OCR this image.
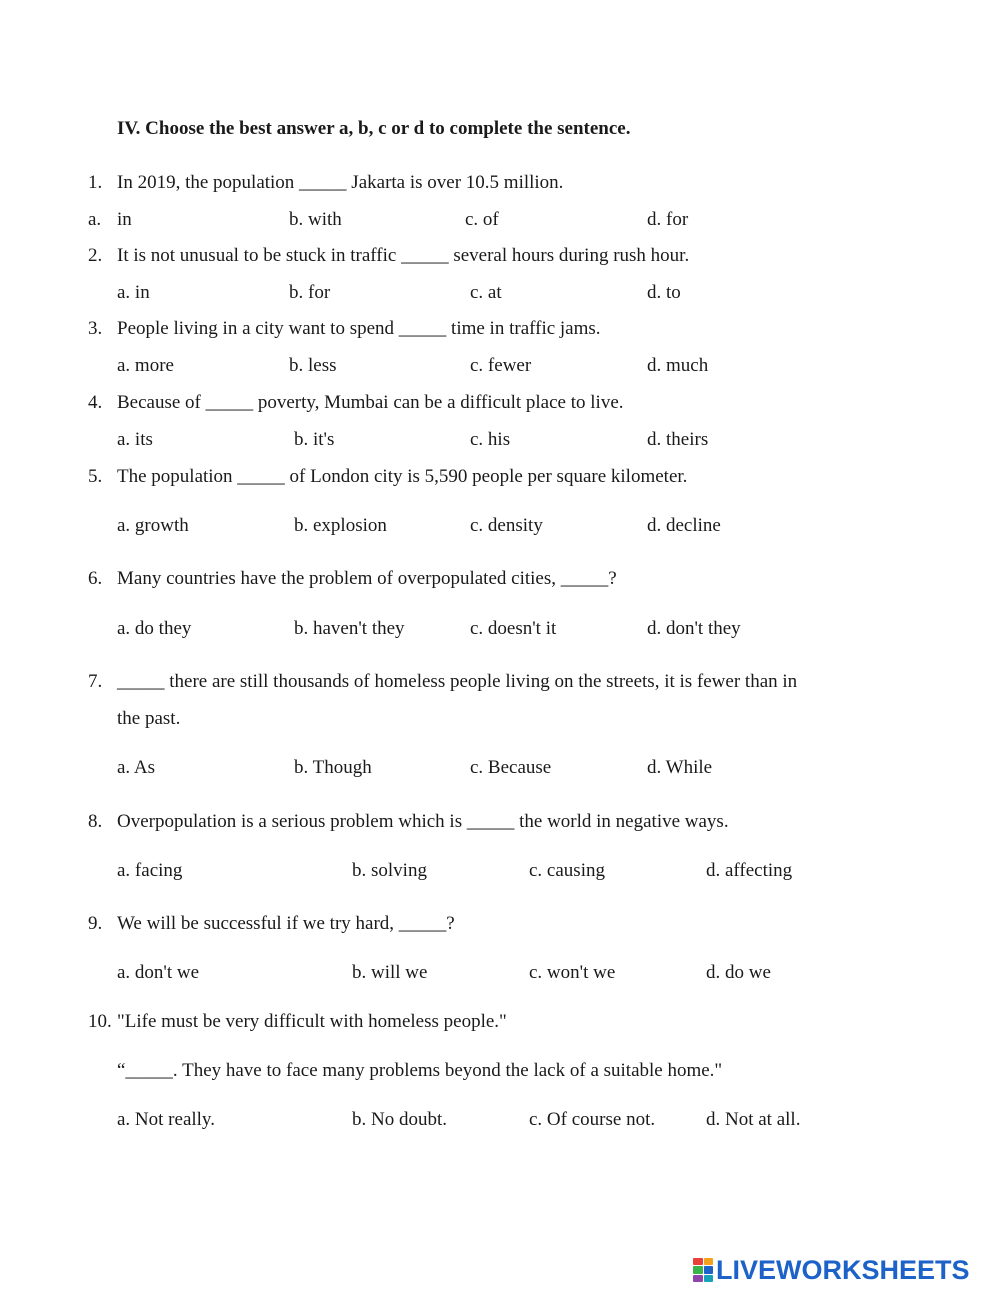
IV. Choose the best answer a, b, c or d to complete the sentence.
1. In 2019, the population _____ Jakarta is over 10.5 million.
a. in	b. with	c. of	d. for
2. It is not unusual to be stuck in traffic _____ several hours during rush hour.
a. in	b. for	c. at	d. to
3. People living in a city want to spend _____ time in traffic jams.
a. more	b. less	c. fewer	d. much
4. Because of _____ poverty, Mumbai can be a difficult place to live.
a. its	b. it's	c. his	d. theirs
5. The population _____ of London city is 5,590 people per square kilometer.
a. growth	b. explosion	c. density	d. decline
6. Many countries have the problem of overpopulated cities, _____?
a. do they	b. haven't they	c. doesn't it	d. don't they
7. _____ there are still thousands of homeless people living on the streets, it is fewer than in
the past.
a. As	b. Though	c. Because	d. While
8. Overpopulation is a serious problem which is _____ the world in negative ways.
a. facing	b. solving	c. causing	d. affecting
9. We will be successful if we try hard, _____?
a. don't we	b. will we	c. won't we	d. do we
10. "Life must be very difficult with homeless people."
“_____. They have to face many problems beyond the lack of a suitable home."
a. Not really.	b. No doubt.	c. Of course not.	d. Not at all.
LIVEWORKSHEETS
